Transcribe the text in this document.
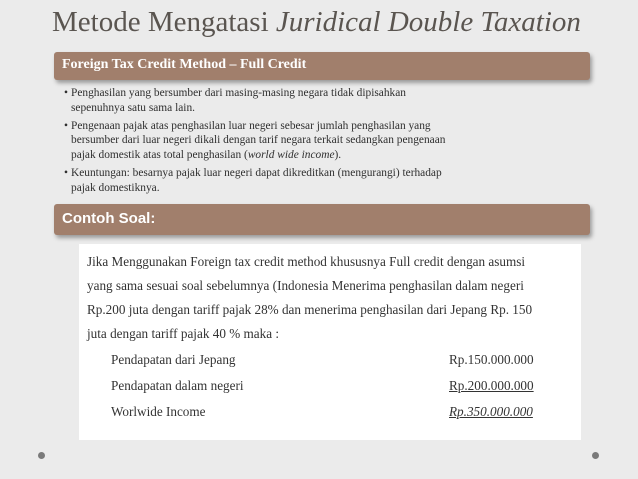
Metode Mengatasi Juridical Double Taxation
Foreign Tax Credit Method – Full Credit
• Penghasilan yang bersumber dari masing-masing negara tidak dipisahkan
sepenuhnya satu sama lain.
• Pengenaan pajak atas penghasilan luar negeri sebesar jumlah penghasilan yang
bersumber dari luar negeri dikali dengan tarif negara terkait sedangkan pengenaan
pajak domestik atas total penghasilan (world wide income).
• Keuntungan: besarnya pajak luar negeri dapat dikreditkan (mengurangi) terhadap
pajak domestiknya.
Contoh Soal:
Jika Menggunakan Foreign tax credit method khususnya Full credit dengan asumsi
yang sama sesuai soal sebelumnya (Indonesia Menerima penghasilan dalam negeri
Rp.200 juta dengan tariff pajak 28% dan menerima penghasilan dari Jepang Rp. 150
juta dengan tariff pajak 40 % maka :
Pendapatan dari Jepang	Rp.150.000.000
Pendapatan dalam negeri	Rp.200.000.000
Worlwide Income	Rp.350.000.000
